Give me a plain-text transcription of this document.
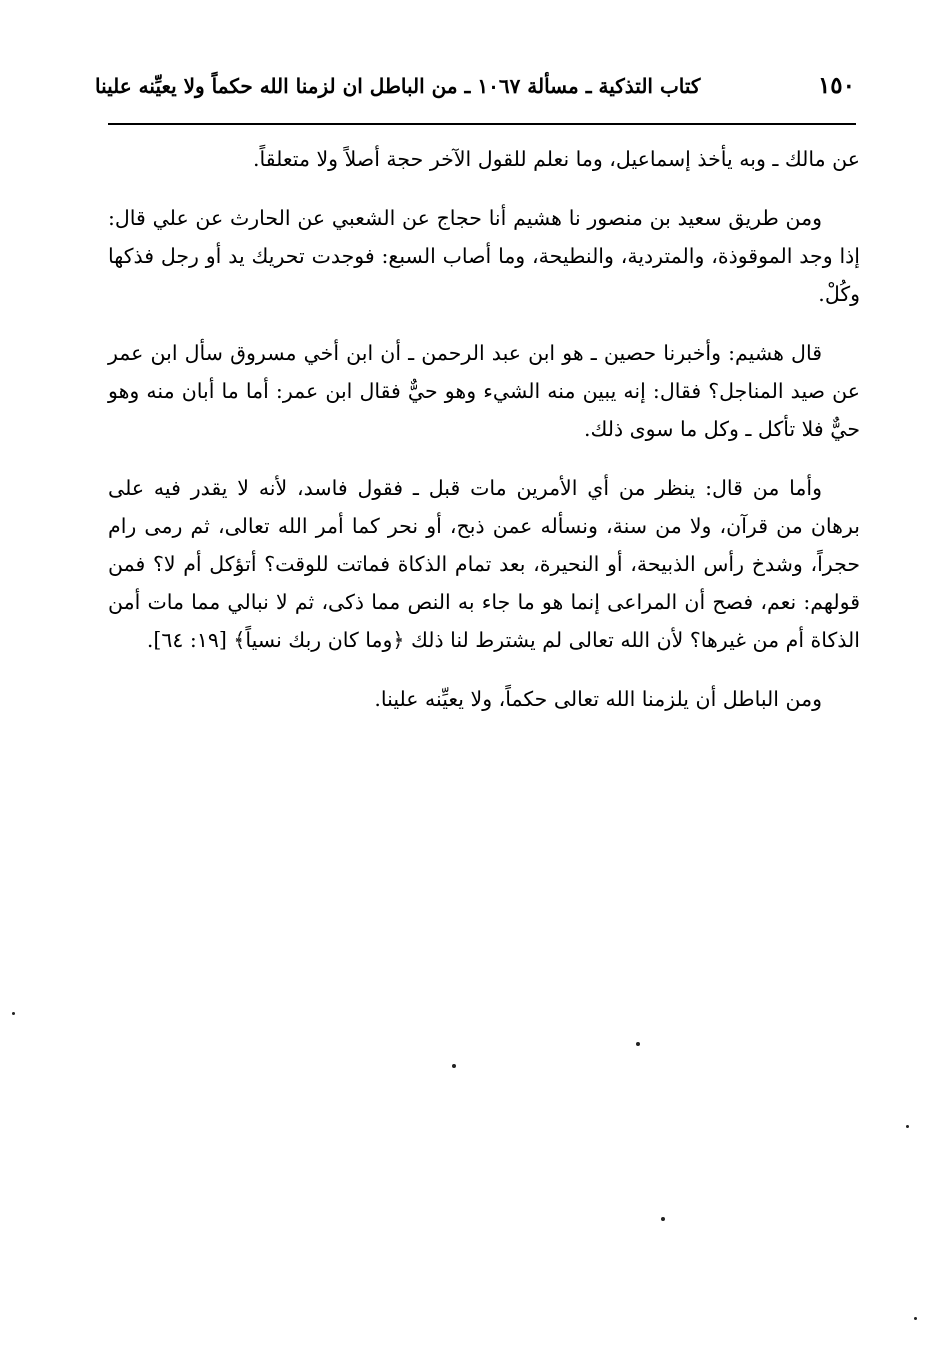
١٥٠
كتاب التذكية ـ مسألة ١٠٦٧ ـ من الباطل ان لزمنا الله حكماً ولا يعيِّنه علينا

عن مالك ـ وبه يأخذ إسماعيل، وما نعلم للقول الآخر حجة أصلاً ولا متعلقاً.

ومن طريق سعيد بن منصور نا هشيم أنا حجاج عن الشعبي عن الحارث عن علي قال: إذا وجد الموقوذة، والمتردية، والنطيحة، وما أصاب السبع: فوجدت تحريك يد أو رجل فذكها وكُلْ.

قال هشيم: وأخبرنا حصين ـ هو ابن عبد الرحمن ـ أن ابن أخي مسروق سأل ابن عمر عن صيد المناجل؟ فقال: إنه يبين منه الشيء وهو حيٌّ فقال ابن عمر: أما ما أبان منه وهو حيٌّ فلا تأكل ـ وكل ما سوى ذلك.

وأما من قال: ينظر من أي الأمرين مات قبل ـ فقول فاسد، لأنه لا يقدر فيه على برهان من قرآن، ولا من سنة، ونسأله عمن ذبح، أو نحر كما أمر الله تعالى، ثم رمى رام حجراً، وشدخ رأس الذبيحة، أو النحيرة، بعد تمام الذكاة فماتت للوقت؟ أتؤكل أم لا؟ فمن قولهم: نعم، فصح أن المراعى إنما هو ما جاء به النص مما ذكى، ثم لا نبالي مما مات أمن الذكاة أم من غيرها؟ لأن الله تعالى لم يشترط لنا ذلك ﴿وما كان ربك نسياً﴾ [١٩: ٦٤].

ومن الباطل أن يلزمنا الله تعالى حكماً، ولا يعيِّنه علينا.
